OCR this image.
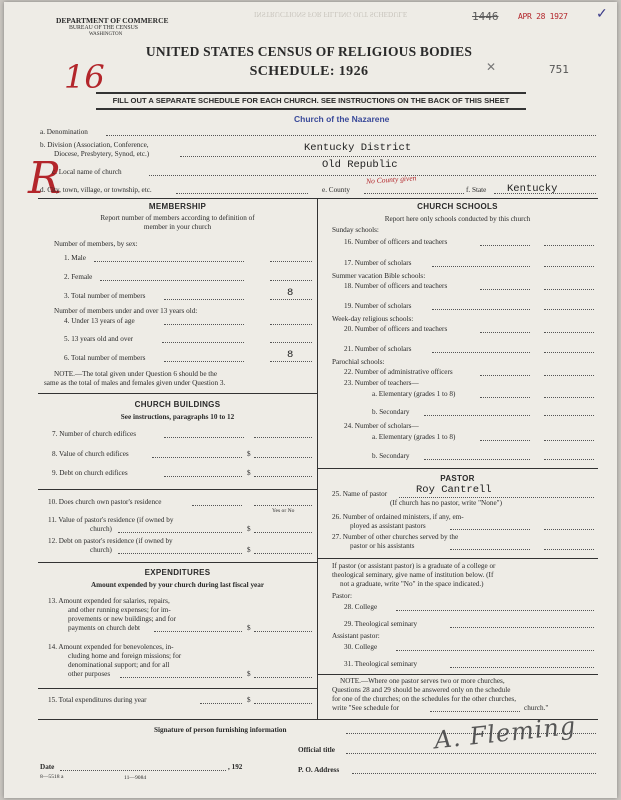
INSTRUCTIONS FOR FILLING OUT SCHEDULE
DEPARTMENT OF COMMERCE
BUREAU OF THE CENSUS
WASHINGTON
1446 APR 28 1927 ✓
UNITED STATES CENSUS OF RELIGIOUS BODIES
SCHEDULE: 1926	751
✕
16
FILL OUT A SEPARATE SCHEDULE FOR EACH CHURCH. SEE INSTRUCTIONS ON THE BACK OF THIS SHEET
Church of the Nazarene
a. Denomination
b. Division (Association, Conference,
Diocese, Presbytery, Synod, etc.)	Kentucky District
R	Old Republic
c. Local name of church
d. City, town, village, or township, etc.	e. County
No County given
f. State Kentucky
MEMBERSHIP
Report number of members according to definition of
member in your church
Number of members, by sex:
1. Male
2. Female
3. Total number of members	8
Number of members under and over 13 years old:
4. Under 13 years of age
5. 13 years old and over
6. Total number of members	8
NOTE.—The total given under Question 6 should be the
same as the total of males and females given under Question 3.
CHURCH BUILDINGS
See instructions, paragraphs 10 to 12
7. Number of church edifices
8. Value of church edifices	$
9. Debt on church edifices	$
10. Does church own pastor's residence
Yes or No
11. Value of pastor's residence (if owned by
church)	$
12. Debt on pastor's residence (if owned by
church)	$
EXPENDITURES
Amount expended by your church during last fiscal year
13. Amount expended for salaries, repairs,
and other running expenses; for im-
provements or new buildings; and for
payments on church debt	$
14. Amount expended for benevolences, in-
cluding home and foreign missions; for
denominational support; and for all
other purposes	$
15. Total expenditures during year	$
CHURCH SCHOOLS
Report here only schools conducted by this church
Sunday schools:
16. Number of officers and teachers
17. Number of scholars
Summer vacation Bible schools:
18. Number of officers and teachers
19. Number of scholars
Week-day religious schools:
20. Number of officers and teachers
21. Number of scholars
Parochial schools:
22. Number of administrative officers
23. Number of teachers—
a. Elementary (grades 1 to 8)
b. Secondary
24. Number of scholars—
a. Elementary (grades 1 to 8)
b. Secondary
PASTOR
25. Name of pastor	Roy Cantrell
(If church has no pastor, write "None")
26. Number of ordained ministers, if any, em-
ployed as assistant pastors
27. Number of other churches served by the
pastor or his assistants
If pastor (or assistant pastor) is a graduate of a college or
theological seminary, give name of institution below. (If
not a graduate, write "No" in the space indicated.)
Pastor:
28. College
29. Theological seminary
Assistant pastor:
30. College
31. Theological seminary
NOTE.—Where one pastor serves two or more churches,
Questions 28 and 29 should be answered only on the schedule
for one of the churches; on the schedules for the other churches,
write "See schedule for	church."
Signature of person furnishing information	A. Fleming
Official title
Date	, 192	P. O. Address
8—5518 a	11—9084
